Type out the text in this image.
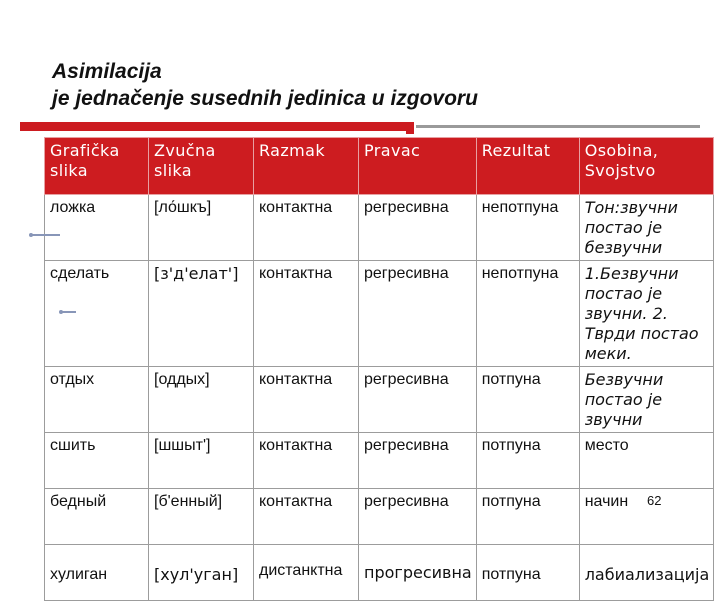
Asimilacija
je jednačenje susednih jedinica u izgovoru
Grafička slika	Zvučna slika	Razmak	Pravac	Rezultat	Osobina, Svojstvo
ложка	[ло́шкъ]	контактна	регресивна	непотпуна	Тон:звучни постао је безвучни
сделать	[з'д'елат']	контактна	регресивна	непотпуна	1.Безвучни постао је звучни. 2. Тврди постао меки.
отдых	[оддых]	контактна	регресивна	потпуна	Безвучни постао је звучни
сшить	[шшыт']	контактна	регресивна	потпуна	место
бедный	[б'енный]	контактна	регресивна	потпуна	начин
хулиган	[хул'уган]	дистанктна	прогресивна	потпуна	лабиализација
62
